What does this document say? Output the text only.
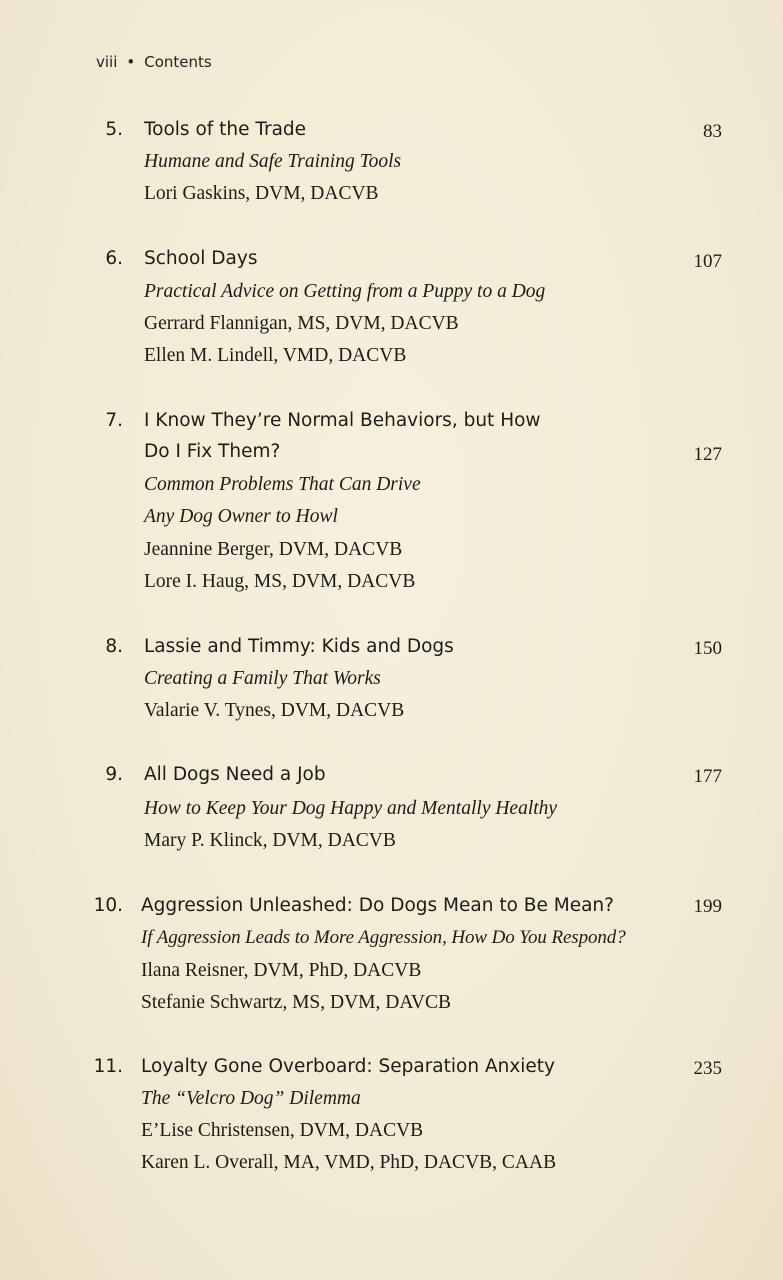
viii • Contents
5. Tools of the Trade	83
Humane and Safe Training Tools
Lori Gaskins, DVM, DACVB
6. School Days	107
Practical Advice on Getting from a Puppy to a Dog
Gerrard Flannigan, MS, DVM, DACVB
Ellen M. Lindell, VMD, DACVB
7. I Know They’re Normal Behaviors, but How
Do I Fix Them?	127
Common Problems That Can Drive
Any Dog Owner to Howl
Jeannine Berger, DVM, DACVB
Lore I. Haug, MS, DVM, DACVB
8. Lassie and Timmy: Kids and Dogs	150
Creating a Family That Works
Valarie V. Tynes, DVM, DACVB
9. All Dogs Need a Job	177
How to Keep Your Dog Happy and Mentally Healthy
Mary P. Klinck, DVM, DACVB
10. Aggression Unleashed: Do Dogs Mean to Be Mean?	199
If Aggression Leads to More Aggression, How Do You Respond?
Ilana Reisner, DVM, PhD, DACVB
Stefanie Schwartz, MS, DVM, DAVCB
11. Loyalty Gone Overboard: Separation Anxiety	235
The “Velcro Dog” Dilemma
E’Lise Christensen, DVM, DACVB
Karen L. Overall, MA, VMD, PhD, DACVB, CAAB
